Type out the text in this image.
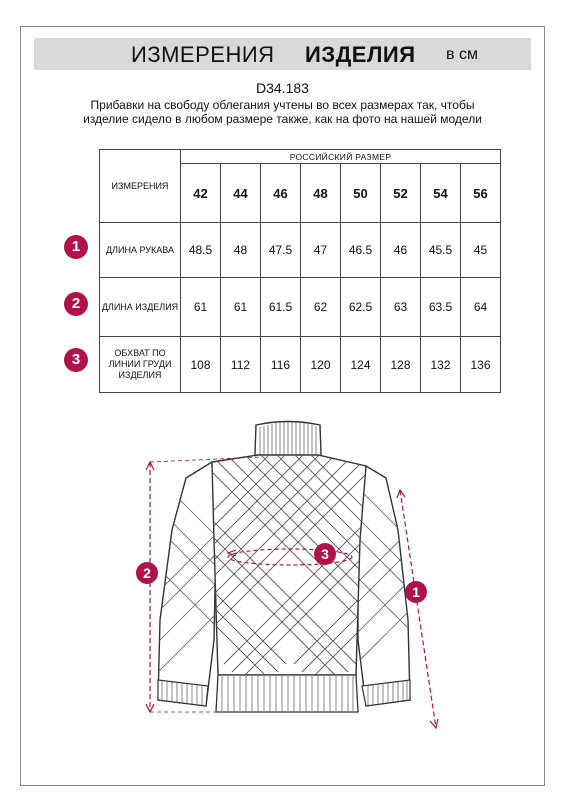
ИЗМЕРЕНИЯ ИЗДЕЛИЯ в см
D34.183
Прибавки на свободу облегания учтены во всех размерах так, чтобы изделие сидело в любом размере также, как на фото на нашей модели
ИЗМЕРЕНИЯ	РОССИЙСКИЙ РАЗМЕР							
	42	44	46	48	50	52	54	56
ДЛИНА РУКАВА	48.5	48	47.5	47	46.5	46	45.5	45
ДЛИНА ИЗДЕЛИЯ	61	61	61.5	62	62.5	63	63.5	64
ОБХВАТ ПО ЛИНИИ ГРУДИ ИЗДЕЛИЯ	108	112	116	120	124	128	132	136
1
2
3
2
3
1
